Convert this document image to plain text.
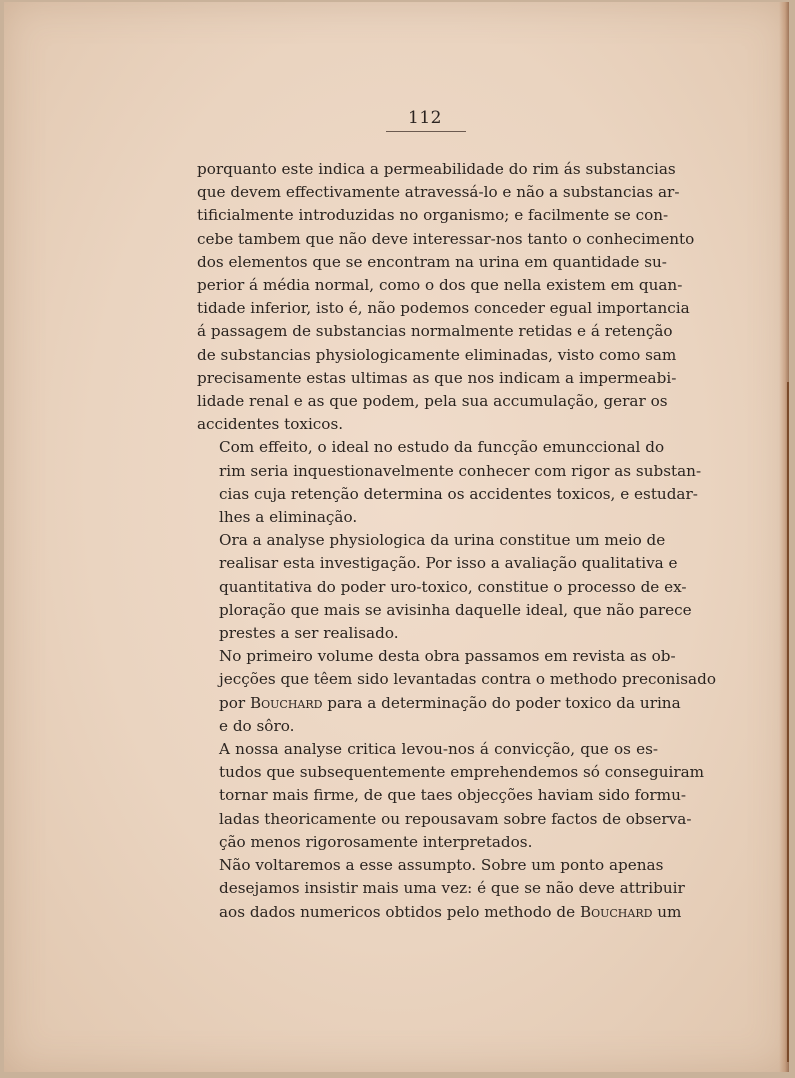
112

porquanto este indica a permeabilidade do rim ás substancias
que devem effectivamente atravessá-lo e não a substancias ar-
tificialmente introduzidas no organismo; e facilmente se con-
cebe tambem que não deve interessar-nos tanto o conhecimento
dos elementos que se encontram na urina em quantidade su-
perior á média normal, como o dos que nella existem em quan-
tidade inferior, isto é, não podemos conceder egual importancia
á passagem de substancias normalmente retidas e á retenção
de substancias physiologicamente eliminadas, visto como sam
precisamente estas ultimas as que nos indicam a impermeabi-
lidade renal e as que podem, pela sua accumulação, gerar os
accidentes toxicos.

Com effeito, o ideal no estudo da funcção emunccional do
rim seria inquestionavelmente conhecer com rigor as substan-
cias cuja retenção determina os accidentes toxicos, e estudar-
lhes a eliminação.

Ora a analyse physiologica da urina constitue um meio de
realisar esta investigação. Por isso a avaliação qualitativa e
quantitativa do poder uro-toxico, constitue o processo de ex-
ploração que mais se avisinha daquelle ideal, que não parece
prestes a ser realisado.

No primeiro volume desta obra passamos em revista as ob-
jecções que têem sido levantadas contra o methodo preconisado
por Bouchard para a determinação do poder toxico da urina
e do sôro.

A nossa analyse critica levou-nos á convicção, que os es-
tudos que subsequentemente emprehendemos só conseguiram
tornar mais firme, de que taes objecções haviam sido formu-
ladas theoricamente ou repousavam sobre factos de observa-
ção menos rigorosamente interpretados.

Não voltaremos a esse assumpto. Sobre um ponto apenas
desejamos insistir mais uma vez: é que se não deve attribuir
aos dados numericos obtidos pelo methodo de Bouchard um
